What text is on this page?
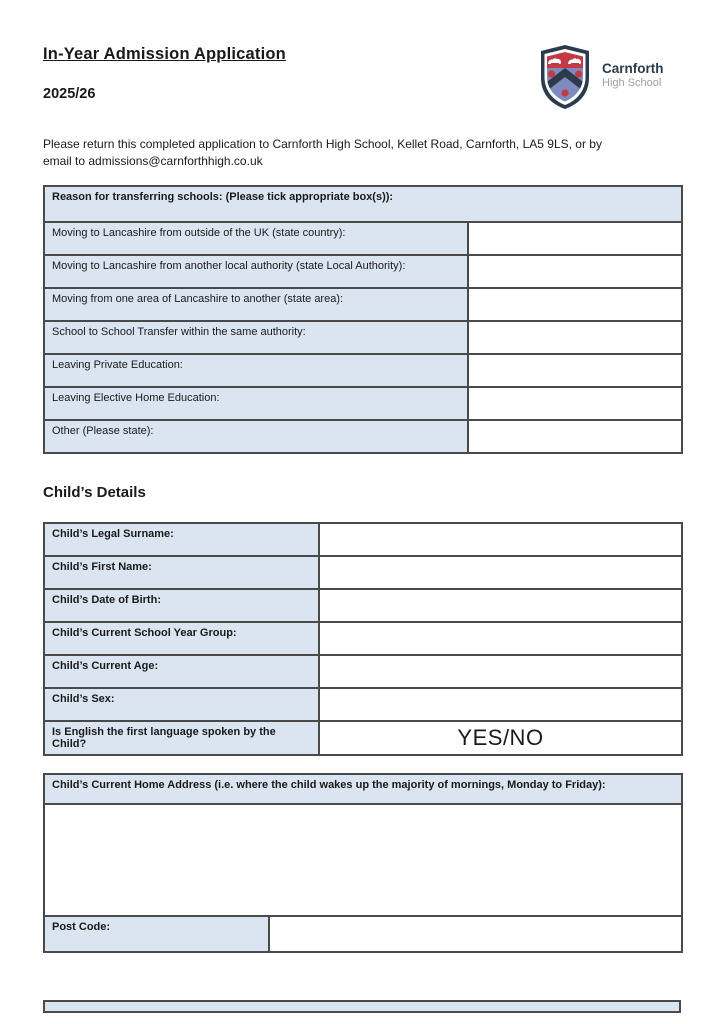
In-Year Admission Application
2025/26
Carnforth
High School
Please return this completed application to Carnforth High School, Kellet Road, Carnforth, LA5 9LS, or by
email to admissions@carnforthhigh.co.uk
Reason for transferring schools: (Please tick appropriate box(s)):	
Moving to Lancashire from outside of the UK (state country):	
Moving to Lancashire from another local authority (state Local Authority):	
Moving from one area of Lancashire to another (state area):	
School to School Transfer within the same authority:	
Leaving Private Education:	
Leaving Elective Home Education:	
Other (Please state):	
Child’s Details
Child’s Legal Surname:	
Child’s First Name:	
Child’s Date of Birth:	
Child’s Current School Year Group:	
Child’s Current Age:	
Child’s Sex:	
Is English the first language spoken by the Child?	YES/NO
Child’s Current Home Address (i.e. where the child wakes up the majority of mornings, Monday to Friday):

Post Code:	
